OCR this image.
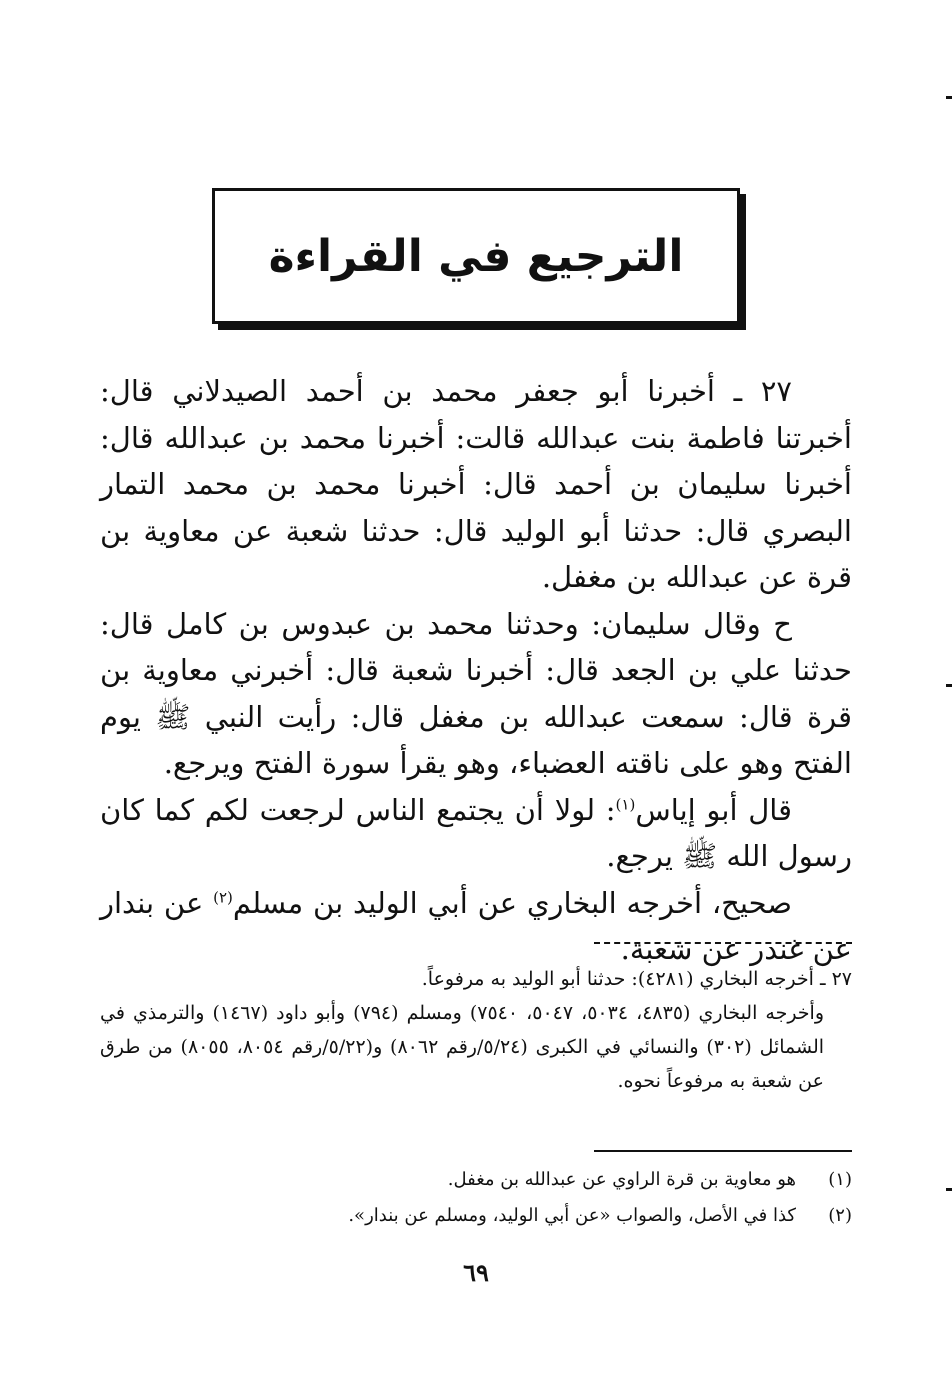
الترجيع في القراءة

٢٧ ـ أخبرنا أبو جعفر محمد بن أحمد الصيدلاني قال: أخبرتنا فاطمة بنت عبدالله قالت: أخبرنا محمد بن عبدالله قال: أخبرنا سليمان بن أحمد قال: أخبرنا محمد بن محمد التمار البصري قال: حدثنا أبو الوليد قال: حدثنا شعبة عن معاوية بن قرة عن عبدالله بن مغفل.

ح وقال سليمان: وحدثنا محمد بن عبدوس بن كامل قال: حدثنا علي بن الجعد قال: أخبرنا شعبة قال: أخبرني معاوية بن قرة قال: سمعت عبدالله بن مغفل قال: رأيت النبي ﷺ يوم الفتح وهو على ناقته العضباء، وهو يقرأ سورة الفتح ويرجع.

قال أبو إياس$^{(١)}$: لولا أن يجتمع الناس لرجعت لكم كما كان رسول الله ﷺ يرجع.

صحيح، أخرجه البخاري عن أبي الوليد بن مسلم$^{(٢)}$ عن بندار عن غندر عن شعبة.

٢٧ ـ أخرجه البخاري (٤٢٨١): حدثنا أبو الوليد به مرفوعاً.

وأخرجه البخاري (٤٨٣٥، ٥٠٣٤، ٥٠٤٧، ٧٥٤٠) ومسلم (٧٩٤) وأبو داود (١٤٦٧) والترمذي في الشمائل (٣٠٢) والنسائي في الكبرى (٥/٢٤/رقم ٨٠٦٢) و(٥/٢٢/رقم ٨٠٥٤، ٨٠٥٥) من طرق عن شعبة به مرفوعاً نحوه.

(١)
هو معاوية بن قرة الراوي عن عبدالله بن مغفل.
(٢)
كذا في الأصل، والصواب «عن أبي الوليد، ومسلم عن بندار».
٦٩
